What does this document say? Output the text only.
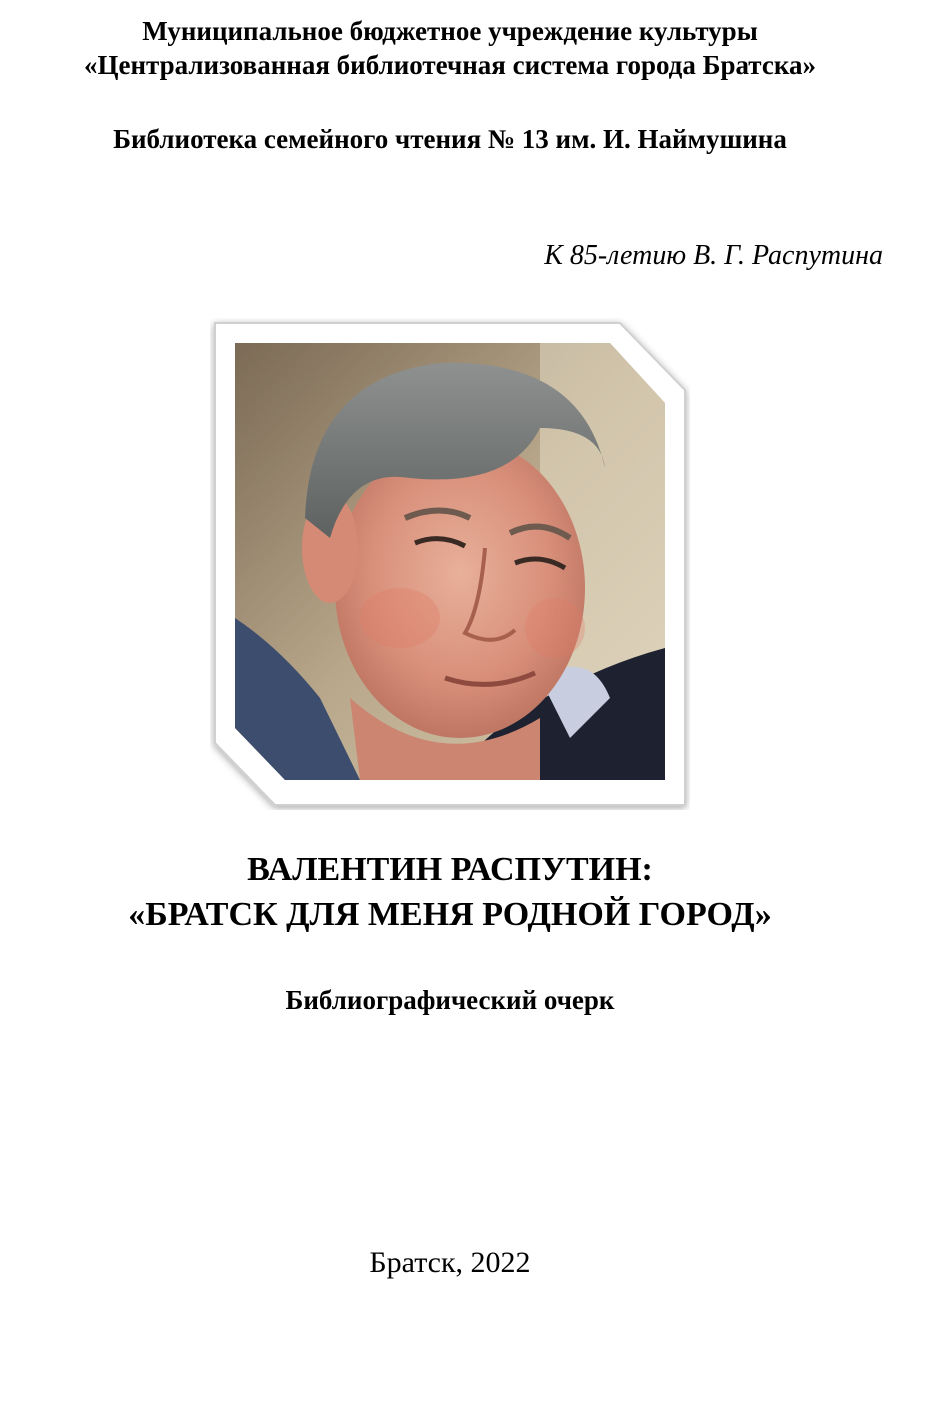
Муниципальное бюджетное учреждение культуры
«Централизованная библиотечная система города Братска»
Библиотека семейного чтения № 13 им. И. Наймушина
К 85-летию В. Г. Распутина
ВАЛЕНТИН РАСПУТИН:
«БРАТСК ДЛЯ МЕНЯ РОДНОЙ ГОРОД»
Библиографический очерк
Братск, 2022
